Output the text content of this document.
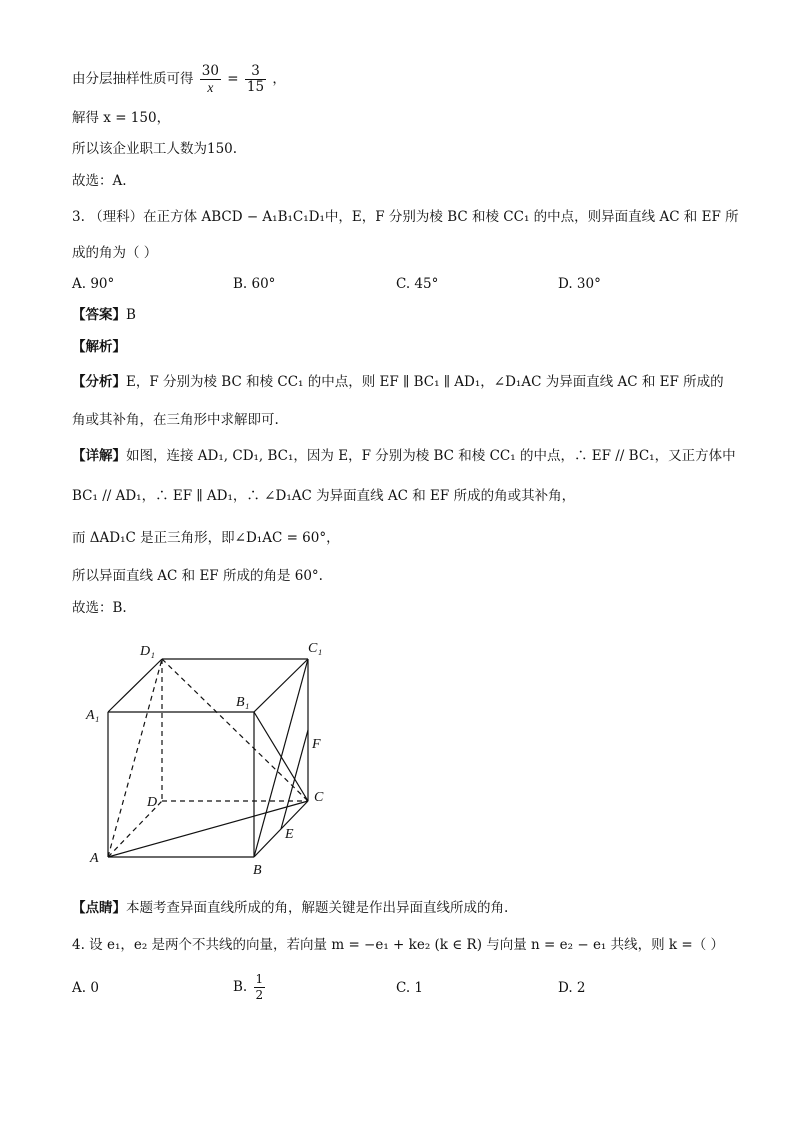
由分层抽样性质可得 $\frac{30}{x} = \frac{3}{15}$ ，
解得 x = 150，
所以该企业职工人数为150.
故选：A.
3. （理科）在正方体 ABCD − A₁B₁C₁D₁中，E，F 分别为棱 BC 和棱 CC₁ 的中点，则异面直线 AC 和 EF 所
成的角为（ ）
A. 90°	B. 60°	C. 45°	D. 30°
【答案】B
【解析】
【分析】E，F 分别为棱 BC 和棱 CC₁ 的中点，则 EF ∥ BC₁ ∥ AD₁，∠D₁AC 为异面直线 AC 和 EF 所成的
角或其补角，在三角形中求解即可.
【详解】如图，连接 AD₁, CD₁, BC₁，因为 E，F 分别为棱 BC 和棱 CC₁ 的中点，∴ EF // BC₁，又正方体中
BC₁ // AD₁，∴ EF ∥ AD₁，∴ ∠D₁AC 为异面直线 AC 和 EF 所成的角或其补角，
而 ΔAD₁C 是正三角形，即∠D₁AC = 60°，
所以异面直线 AC 和 EF 所成的角是 60°.
故选：B.
D₁	C₁
B₁
A₁
F
D	C
E
A
B
【点睛】本题考查异面直线所成的角，解题关键是作出异面直线所成的角.
4. 设 e₁，e₂ 是两个不共线的向量，若向量 m = −e₁ + ke₂ (k ∈ R) 与向量 n = e₂ − e₁ 共线，则 k =（ ）
A. 0	B. $\frac{1}{2}$	C. 1	D. 2
